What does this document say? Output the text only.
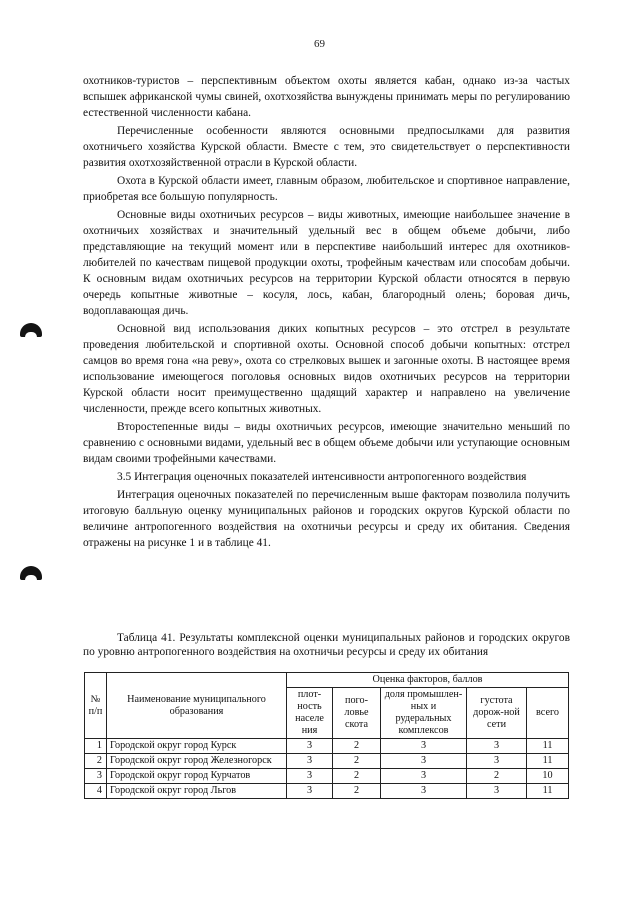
69

охотников-туристов – перспективным объектом охоты является кабан, однако из-за частых вспышек африканской чумы свиней, охотхозяйства вынуждены принимать меры по регулированию естественной численности кабана.

Перечисленные особенности являются основными предпосылками для развития охотничьего хозяйства Курской области. Вместе с тем, это свидетельствует о перспективности развития охотхозяйственной отрасли в Курской области.

Охота в Курской области имеет, главным образом, любительское и спортивное направление, приобретая все большую популярность.

Основные виды охотничьих ресурсов – виды животных, имеющие наибольшее значение в охотничьих хозяйствах и значительный удельный вес в общем объеме добычи, либо представляющие на текущий момент или в перспективе наибольший интерес для охотников-любителей по качествам пищевой продукции охоты, трофейным качествам или способам добычи. К основным видам охотничьих ресурсов на территории Курской области относятся в первую очередь копытные животные – косуля, лось, кабан, благородный олень; боровая дичь, водоплавающая дичь.

Основной вид использования диких копытных ресурсов – это отстрел в результате проведения любительской и спортивной охоты. Основной способ добычи копытных: отстрел самцов во время гона «на реву», охота со стрелковых вышек и загонные охоты. В настоящее время использование имеющегося поголовья основных видов охотничьих ресурсов на территории Курской области носит преимущественно щадящий характер и направлено на увеличение численности, прежде всего копытных животных.

Второстепенные виды – виды охотничьих ресурсов, имеющие значительно меньший по сравнению с основными видами, удельный вес в общем объеме добычи или уступающие основным видам своими трофейными качествами.

3.5 Интеграция оценочных показателей интенсивности антропогенного воздействия

Интеграция оценочных показателей по перечисленным выше факторам позволила получить итоговую балльную оценку муниципальных районов и городских округов Курской области по величине антропогенного воздействия на охотничьи ресурсы и среду их обитания. Сведения отражены на рисунке 1 и в таблице 41.

Таблица 41. Результаты комплексной оценки муниципальных районов и городских округов по уровню антропогенного воздействия на охотничьи ресурсы и среду их обитания
№ п/п	Наименование муниципального образования	Оценка факторов, баллов				
		плот-ность населе ния	пого-ловье скота	доля промышлен-ных и рудеральных комплексов	густота дорож-ной сети	всего
1	Городской округ город Курск	3	2	3	3	11
2	Городской округ город Железногорск	3	2	3	3	11
3	Городской округ город Курчатов	3	2	3	2	10
4	Городской округ город Льгов	3	2	3	3	11
